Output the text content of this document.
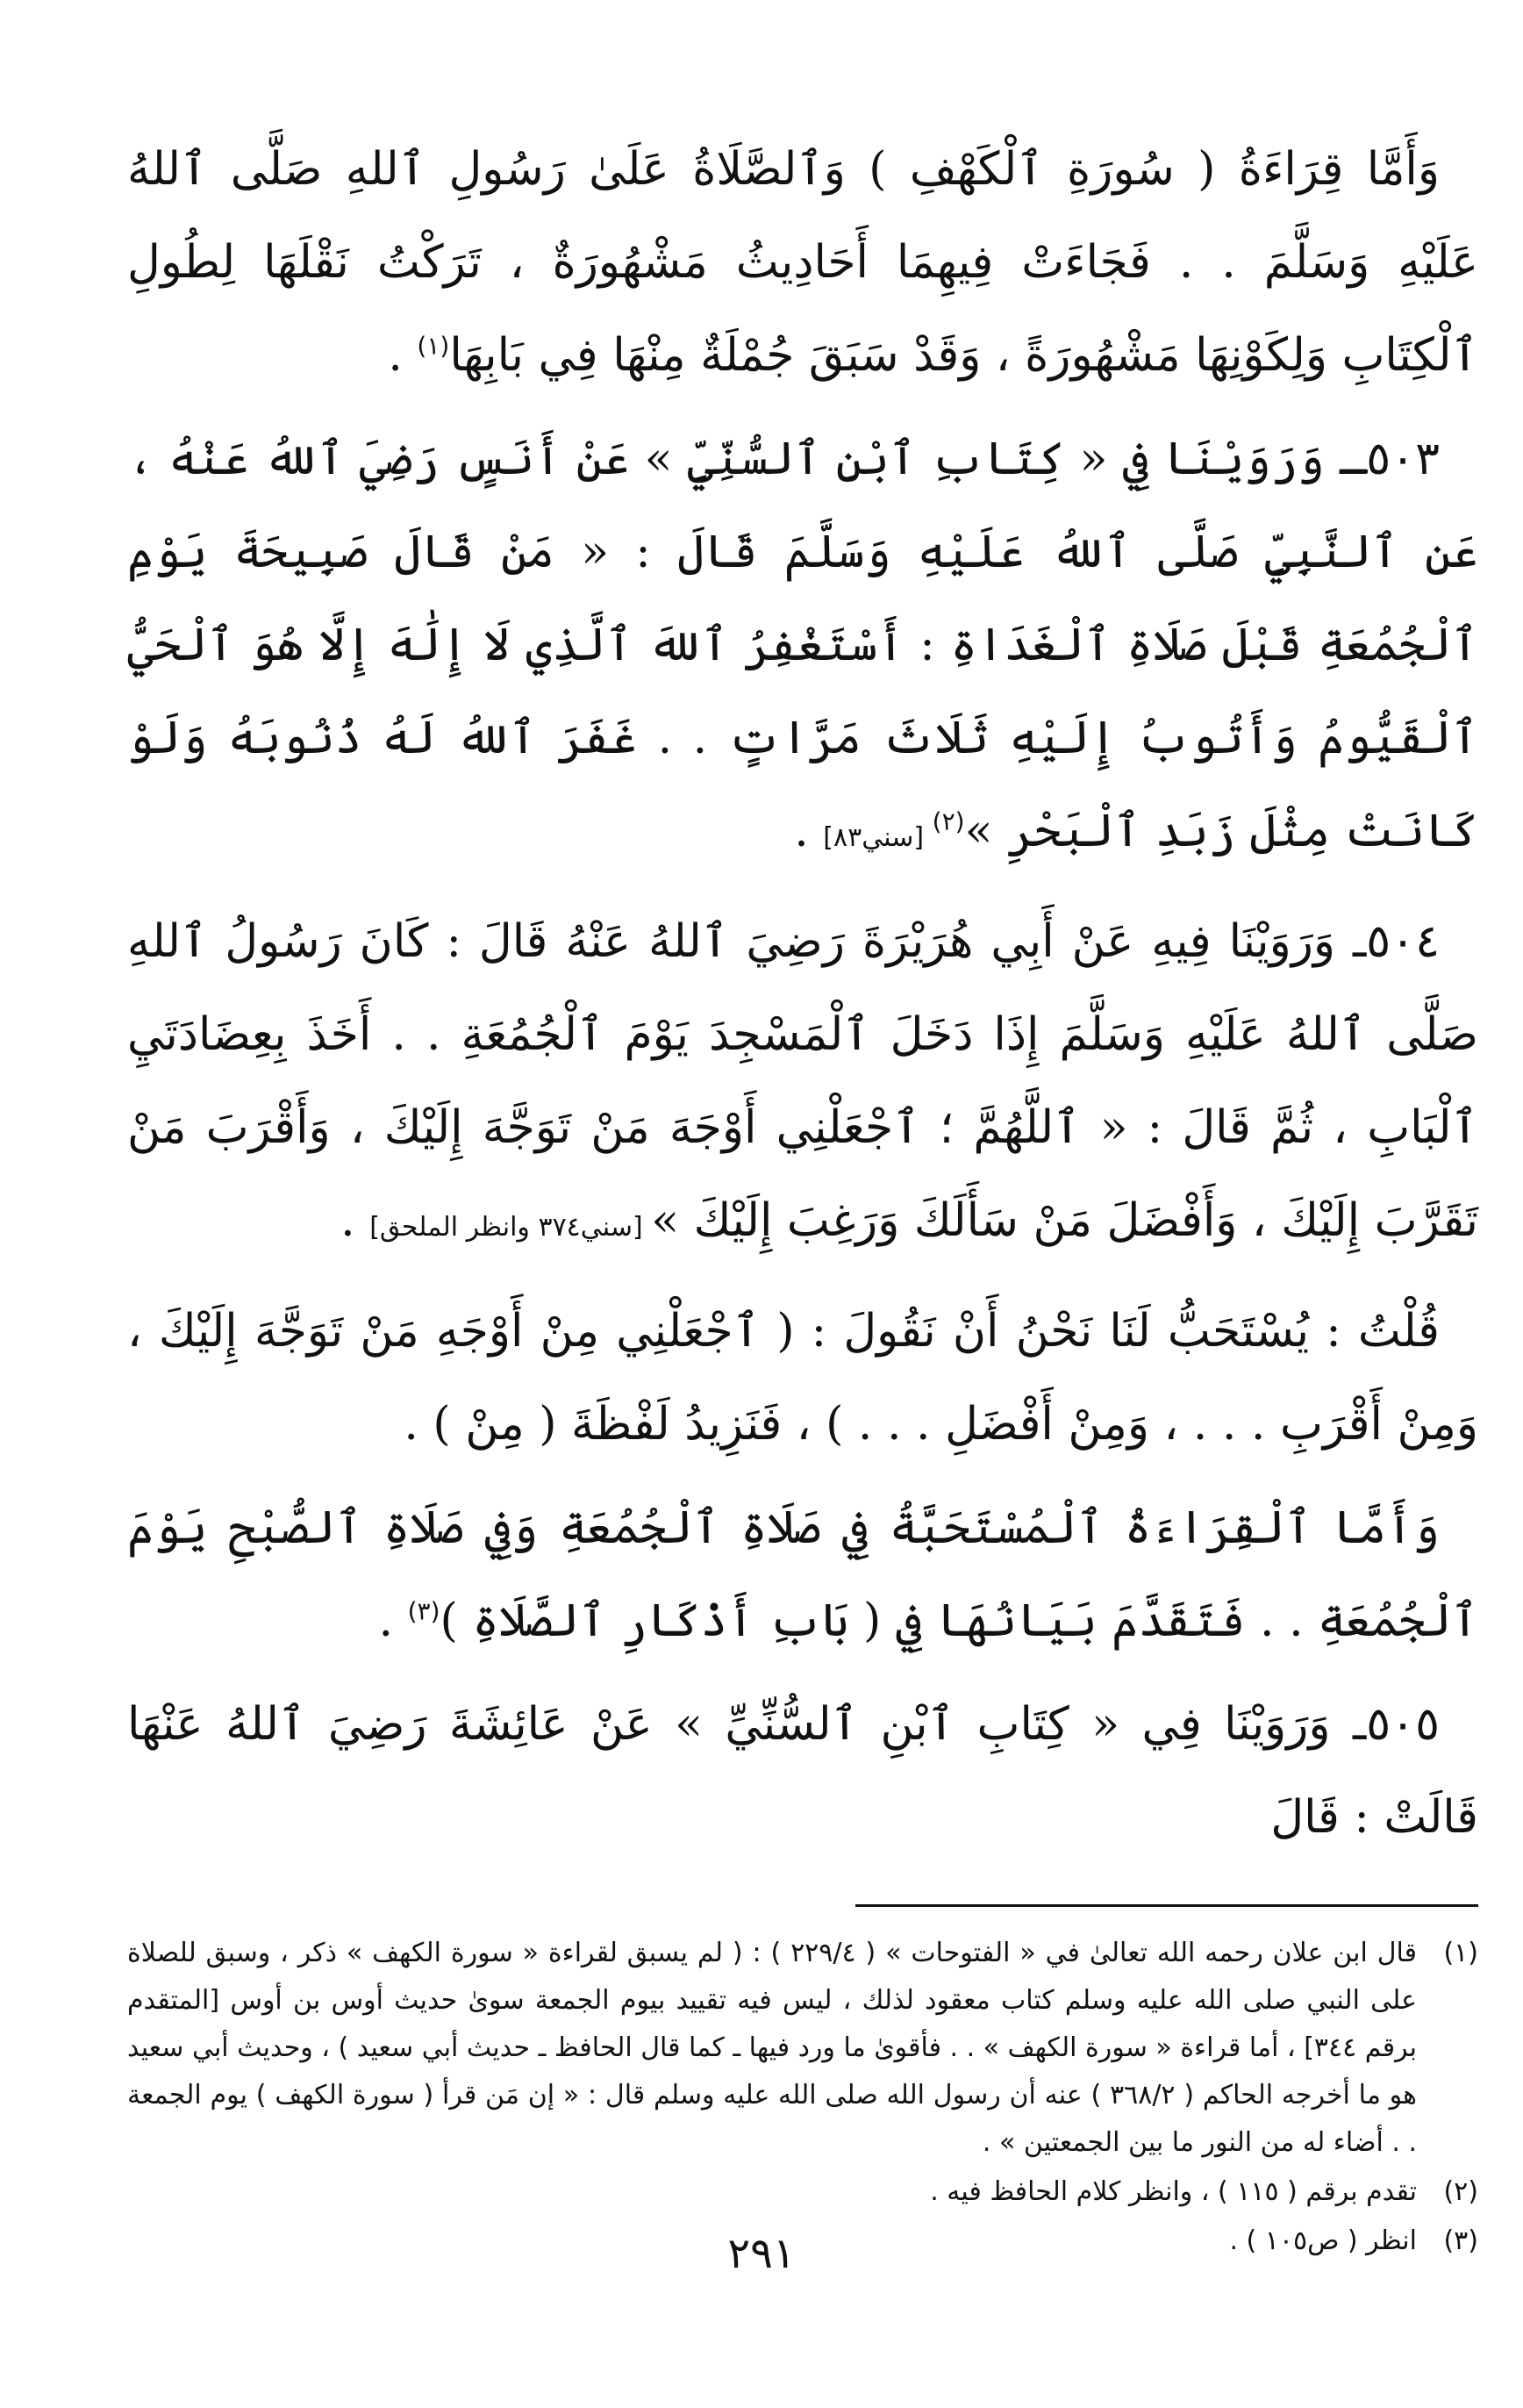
وَأَمَّا قِرَاءَةُ ( سُورَةِ ٱلْكَهْفِ ) وَٱلصَّلَاةُ عَلَىٰ رَسُولِ ٱللهِ صَلَّى ٱللهُ عَلَيْهِ وَسَلَّمَ . . فَجَاءَتْ فِيهِمَا أَحَادِيثُ مَشْهُورَةٌ ، تَرَكْتُ نَقْلَهَا لِطُولِ ٱلْكِتَابِ وَلِكَوْنِهَا مَشْهُورَةً ، وَقَدْ سَبَقَ جُمْلَةٌ مِنْهَا فِي بَابِهَا$^{(١)}$ .

٥٠٣ـ وَرَوَيْنَا فِي « كِتَابِ ٱبْنِ ٱلسُّنِّيِّ » عَنْ أَنَسٍ رَضِيَ ٱللهُ عَنْهُ ، عَنِ ٱلنَّبِيِّ صَلَّى ٱللهُ عَلَيْهِ وَسَلَّمَ قَالَ : « مَنْ قَالَ صَبِيحَةَ يَوْمِ ٱلْجُمُعَةِ قَبْلَ صَلَاةِ ٱلْغَدَاةِ : أَسْتَغْفِرُ ٱللهَ ٱلَّذِي لَا إِلَٰهَ إِلَّا هُوَ ٱلْحَيُّ ٱلْقَيُّومُ وَأَتُوبُ إِلَيْهِ ثَلَاثَ مَرَّاتٍ . . غَفَرَ ٱللهُ لَهُ ذُنُوبَهُ وَلَوْ كَانَتْ مِثْلَ زَبَدِ ٱلْبَحْرِ »$^{(٢)}$ [سني٨٣] .

٥٠٤ـ وَرَوَيْنَا فِيهِ عَنْ أَبِي هُرَيْرَةَ رَضِيَ ٱللهُ عَنْهُ قَالَ : كَانَ رَسُولُ ٱللهِ صَلَّى ٱللهُ عَلَيْهِ وَسَلَّمَ إِذَا دَخَلَ ٱلْمَسْجِدَ يَوْمَ ٱلْجُمُعَةِ . . أَخَذَ بِعِضَادَتَيِ ٱلْبَابِ ، ثُمَّ قَالَ : « ٱللَّهُمَّ ؛ ٱجْعَلْنِي أَوْجَهَ مَنْ تَوَجَّهَ إِلَيْكَ ، وَأَقْرَبَ مَنْ تَقَرَّبَ إِلَيْكَ ، وَأَفْضَلَ مَنْ سَأَلَكَ وَرَغِبَ إِلَيْكَ » [سني٣٧٤ وانظر الملحق] .

قُلْتُ : يُسْتَحَبُّ لَنَا نَحْنُ أَنْ نَقُولَ : ( ٱجْعَلْنِي مِنْ أَوْجَهِ مَنْ تَوَجَّهَ إِلَيْكَ ، وَمِنْ أَقْرَبِ . . . ، وَمِنْ أَفْضَلِ . . . ) ، فَنَزِيدُ لَفْظَةَ ( مِنْ ) .

وَأَمَّا ٱلْقِرَاءَةُ ٱلْمُسْتَحَبَّةُ فِي صَلَاةِ ٱلْجُمُعَةِ وَفِي صَلَاةِ ٱلصُّبْحِ يَوْمَ ٱلْجُمُعَةِ . . فَتَقَدَّمَ بَيَانُهَا فِي ( بَابِ أَذْكَارِ ٱلصَّلَاةِ )$^{(٣)}$ .

٥٠٥ـ وَرَوَيْنَا فِي « كِتَابِ ٱبْنِ ٱلسُّنِّيِّ » عَنْ عَائِشَةَ رَضِيَ ٱللهُ عَنْهَا قَالَتْ : قَالَ

(١)
قال ابن علان رحمه الله تعالىٰ في « الفتوحات » ( ٢٢٩/٤ ) : ( لم يسبق لقراءة « سورة الكهف » ذكر ، وسبق للصلاة على النبي صلى الله عليه وسلم كتاب معقود لذلك ، ليس فيه تقييد بيوم الجمعة سوىٰ حديث أوس بن أوس [المتقدم برقم ٣٤٤] ، أما قراءة « سورة الكهف » . . فأقوىٰ ما ورد فيها ـ كما قال الحافظ ـ حديث أبي سعيد ) ، وحديث أبي سعيد هو ما أخرجه الحاكم ( ٣٦٨/٢ ) عنه أن رسول الله صلى الله عليه وسلم قال : « إن مَن قرأ ( سورة الكهف ) يوم الجمعة . . أضاء له من النور ما بين الجمعتين » .
(٢)
تقدم برقم ( ١١٥ ) ، وانظر كلام الحافظ فيه .
(٣)
انظر ( ص١٠٥ ) .
٢٩١
